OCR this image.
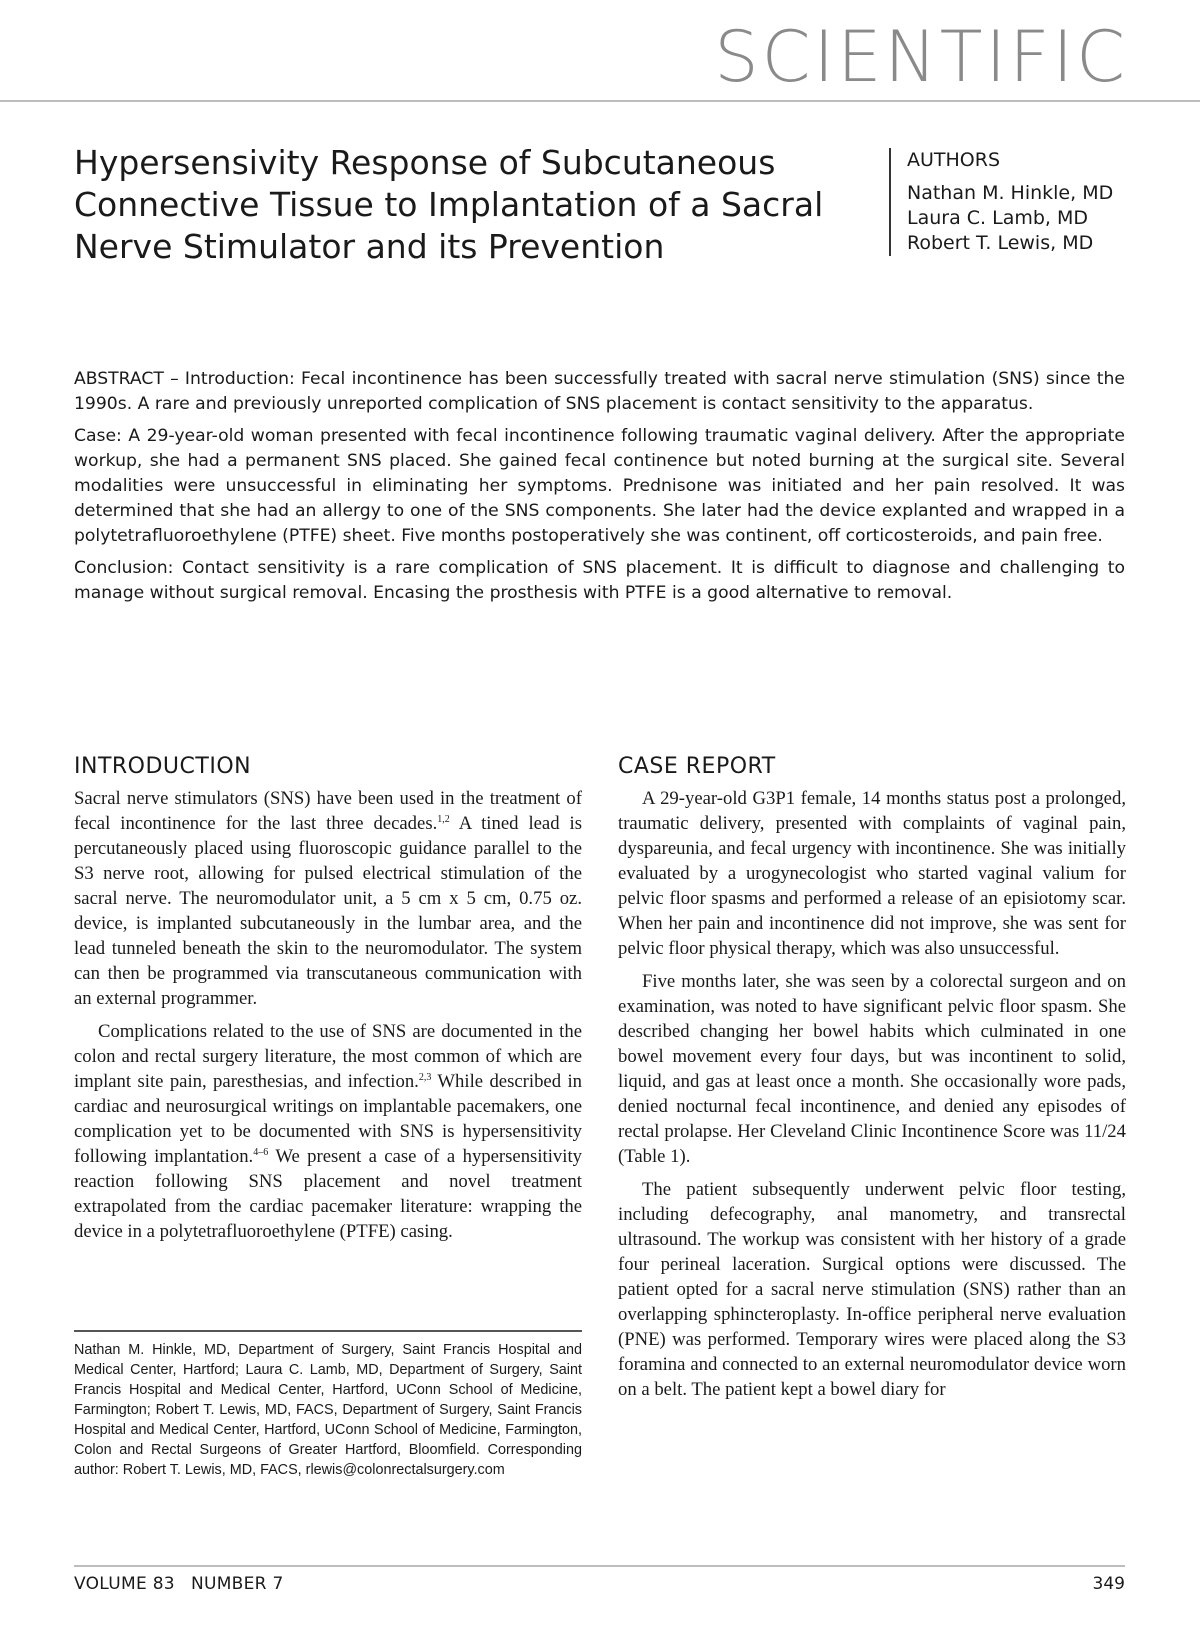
SCIENTIFIC
Hypersensivity Response of Subcutaneous Connective Tissue to Implantation of a Sacral Nerve Stimulator and its Prevention
AUTHORS
Nathan M. Hinkle, MD
Laura C. Lamb, MD
Robert T. Lewis, MD

ABSTRACT – Introduction: Fecal incontinence has been successfully treated with sacral nerve stimulation (SNS) since the 1990s. A rare and previously unreported complication of SNS placement is contact sensitivity to the apparatus.

Case: A 29-year-old woman presented with fecal incontinence following traumatic vaginal delivery. After the appropriate workup, she had a permanent SNS placed. She gained fecal continence but noted burning at the surgical site. Several modalities were unsuccessful in eliminating her symptoms. Prednisone was initiated and her pain resolved. It was determined that she had an allergy to one of the SNS components. She later had the device explanted and wrapped in a polytetrafluoroethylene (PTFE) sheet. Five months postoperatively she was continent, off corticosteroids, and pain free.

Conclusion: Contact sensitivity is a rare complication of SNS placement. It is difficult to diagnose and challenging to manage without surgical removal. Encasing the prosthesis with PTFE is a good alternative to removal.

INTRODUCTION

Sacral nerve stimulators (SNS) have been used in the treatment of fecal incontinence for the last three decades.$^{1,2}$ A tined lead is percutaneously placed using fluoroscopic guidance parallel to the S3 nerve root, allowing for pulsed electrical stimulation of the sacral nerve. The neuromodulator unit, a 5 cm x 5 cm, 0.75 oz. device, is implanted subcutaneously in the lumbar area, and the lead tunneled beneath the skin to the neuromodulator. The system can then be programmed via transcutaneous communication with an external programmer.

Complications related to the use of SNS are documented in the colon and rectal surgery literature, the most common of which are implant site pain, paresthesias, and infection.$^{2,3}$ While described in cardiac and neurosurgical writings on implantable pacemakers, one complication yet to be documented with SNS is hypersensitivity following implantation.$^{4-6}$ We present a case of a hypersensitivity reaction following SNS placement and novel treatment extrapolated from the cardiac pacemaker literature: wrapping the device in a polytetrafluoroethylene (PTFE) casing.

Nathan M. Hinkle, MD, Department of Surgery, Saint Francis Hospital and Medical Center, Hartford; Laura C. Lamb, MD, Department of Surgery, Saint Francis Hospital and Medical Center, Hartford, UConn School of Medicine, Farmington; Robert T. Lewis, MD, FACS, Department of Surgery, Saint Francis Hospital and Medical Center, Hartford, UConn School of Medicine, Farmington, Colon and Rectal Surgeons of Greater Hartford, Bloomfield. Corresponding author: Robert T. Lewis, MD, FACS, rlewis@colonrectalsurgery.com

CASE REPORT

A 29-year-old G3P1 female, 14 months status post a prolonged, traumatic delivery, presented with complaints of vaginal pain, dyspareunia, and fecal urgency with incontinence. She was initially evaluated by a urogynecologist who started vaginal valium for pelvic floor spasms and performed a release of an episiotomy scar. When her pain and incontinence did not improve, she was sent for pelvic floor physical therapy, which was also unsuccessful.

Five months later, she was seen by a colorectal surgeon and on examination, was noted to have significant pelvic floor spasm. She described changing her bowel habits which culminated in one bowel movement every four days, but was incontinent to solid, liquid, and gas at least once a month. She occasionally wore pads, denied nocturnal fecal incontinence, and denied any episodes of rectal prolapse. Her Cleveland Clinic Incontinence Score was 11/24 (Table 1).

The patient subsequently underwent pelvic floor testing, including defecography, anal manometry, and transrectal ultrasound. The workup was consistent with her history of a grade four perineal laceration. Surgical options were discussed. The patient opted for a sacral nerve stimulation (SNS) rather than an overlapping sphincteroplasty. In-office peripheral nerve evaluation (PNE) was performed. Temporary wires were placed along the S3 foramina and connected to an external neuromodulator device worn on a belt. The patient kept a bowel diary for

VOLUME 83 NUMBER 7	349
